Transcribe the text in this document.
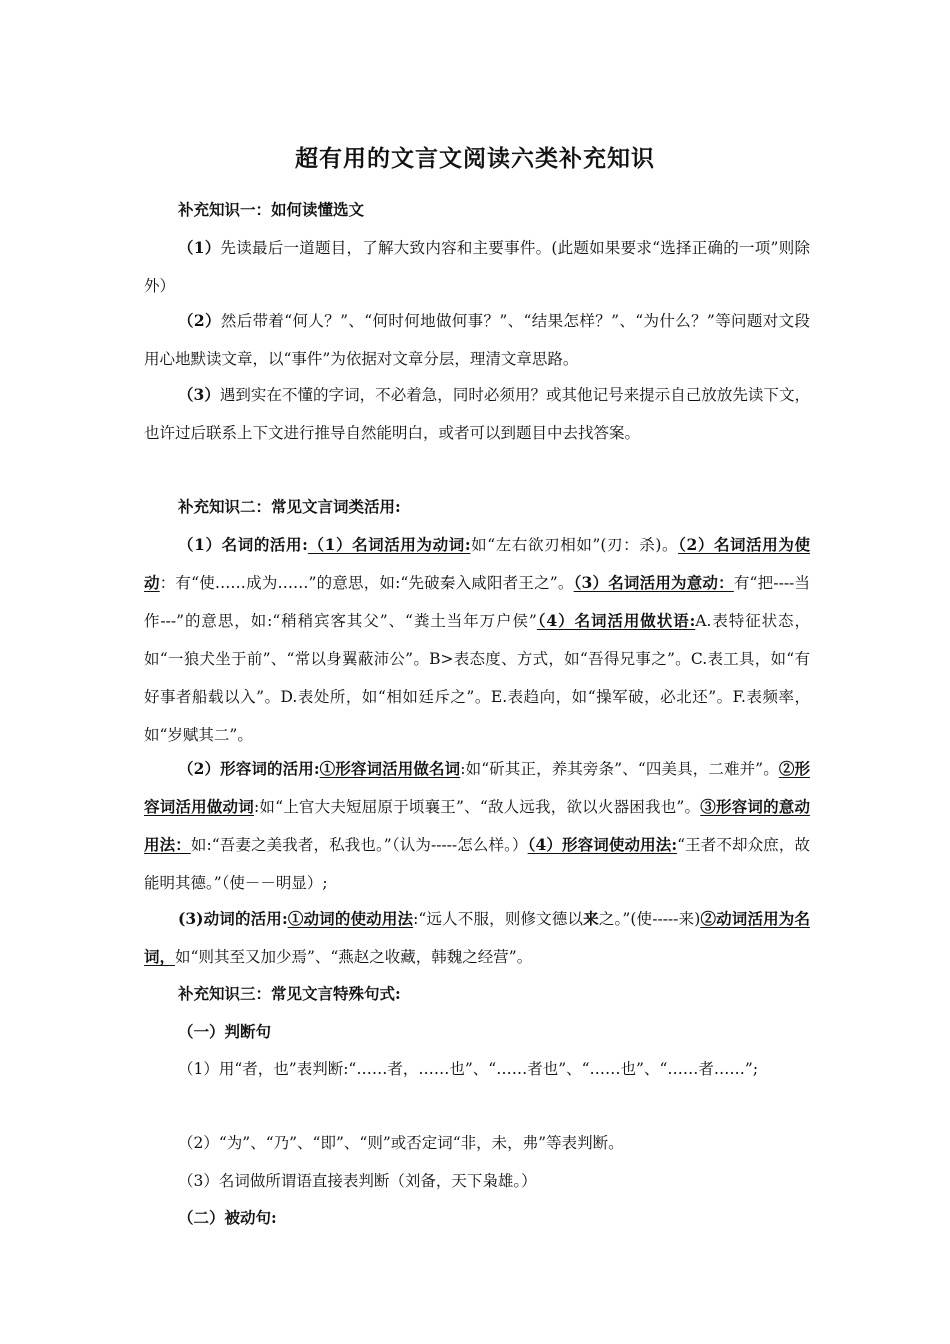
超有用的文言文阅读六类补充知识
补充知识一：如何读懂选文
（1）先读最后一道题目，了解大致内容和主要事件。(此题如果要求“选择正确的一项”则除外）
（2）然后带着“何人？”、“何时何地做何事？”、“结果怎样？”、“为什么？”等问题对文段用心地默读文章，以“事件”为依据对文章分层，理清文章思路。
（3）遇到实在不懂的字词，不必着急，同时必须用？或其他记号来提示自己放放先读下文，也许过后联系上下文进行推导自然能明白，或者可以到题目中去找答案。
补充知识二：常见文言词类活用:
（1）名词的活用:（1）名词活用为动词:如“左右欲刃相如”(刃：杀)。（2）名词活用为使动：有“使……成为……”的意思，如:“先破秦入咸阳者王之”。（3）名词活用为意动：有“把----当作---”的意思，如:“稍稍宾客其父”、“粪土当年万户侯”（4）名词活用做状语:A.表特征状态，如“一狼犬坐于前”、“常以身翼蔽沛公”。B>表态度、方式，如“吾得兄事之”。C.表工具，如“有好事者船载以入”。D.表处所，如“相如廷斥之”。E.表趋向，如“操军破，必北还”。F.表频率，如“岁赋其二”。
（2）形容词的活用:①形容词活用做名词:如“斫其正，养其旁条”、“四美具，二难并”。②形容词活用做动词:如“上官大夫短屈原于顷襄王”、“敌人远我，欲以火器困我也”。③形容词的意动用法：如:“吾妻之美我者，私我也。”（认为-----怎么样。）（4）形容词使动用法:“王者不却众庶，故能明其德。”（使－－明显）;
(3)动词的活用:①动词的使动用法:“远人不服，则修文德以来之。”(使-----来)②动词活用为名词，如“则其至又加少焉”、“燕赵之收藏，韩魏之经营”。
补充知识三：常见文言特殊句式:
（一）判断句
（1）用“者，也”表判断:“……者，……也”、“……者也”、“……也”、“……者……”;
（2）“为”、“乃”、“即”、“则”或否定词“非，未，弗”等表判断。
（3）名词做所谓语直接表判断（刘备，天下枭雄。）
（二）被动句:
